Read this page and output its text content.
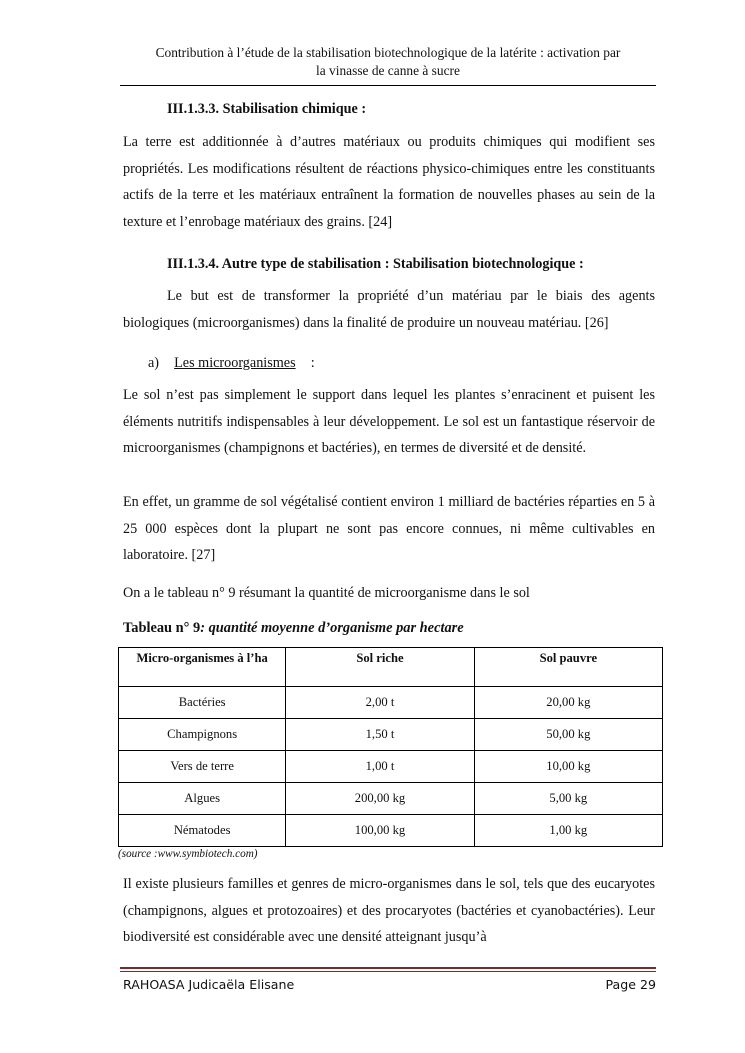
Contribution à l’étude de la stabilisation biotechnologique de la latérite : activation par
la vinasse de canne à sucre
III.1.3.3. Stabilisation chimique :

La terre est additionnée à d’autres matériaux ou produits chimiques qui modifient ses propriétés. Les modifications résultent de réactions physico-chimiques entre les constituants actifs de la terre et les matériaux entraînent la formation de nouvelles phases au sein de la texture et l’enrobage matériaux des grains. [24]

III.1.3.4. Autre type de stabilisation : Stabilisation biotechnologique :

Le but est de transformer la propriété d’un matériau par le biais des agents biologiques (microorganismes) dans la finalité de produire un nouveau matériau. [26]

a) Les microorganismes :

Le sol n’est pas simplement le support dans lequel les plantes s’enracinent et puisent les éléments nutritifs indispensables à leur développement. Le sol est un fantastique réservoir de microorganismes (champignons et bactéries), en termes de diversité et de densité.

En effet, un gramme de sol végétalisé contient environ 1 milliard de bactéries réparties en 5 à 25 000 espèces dont la plupart ne sont pas encore connues, ni même cultivables en laboratoire. [27]

On a le tableau n° 9 résumant la quantité de microorganisme dans le sol

Tableau n° 9: quantité moyenne d’organisme par hectare
Micro-organismes à l’ha	Sol riche	Sol pauvre
Bactéries	2,00 t	20,00 kg
Champignons	1,50 t	50,00 kg
Vers de terre	1,00 t	10,00 kg
Algues	200,00 kg	5,00 kg
Nématodes	100,00 kg	1,00 kg
(source :www.symbiotech.com)

Il existe plusieurs familles et genres de micro-organismes dans le sol, tels que des eucaryotes (champignons, algues et protozoaires) et des procaryotes (bactéries et cyanobactéries). Leur biodiversité est considérable avec une densité atteignant jusqu’à

RAHOASA Judicaëla Elisane	Page 29
